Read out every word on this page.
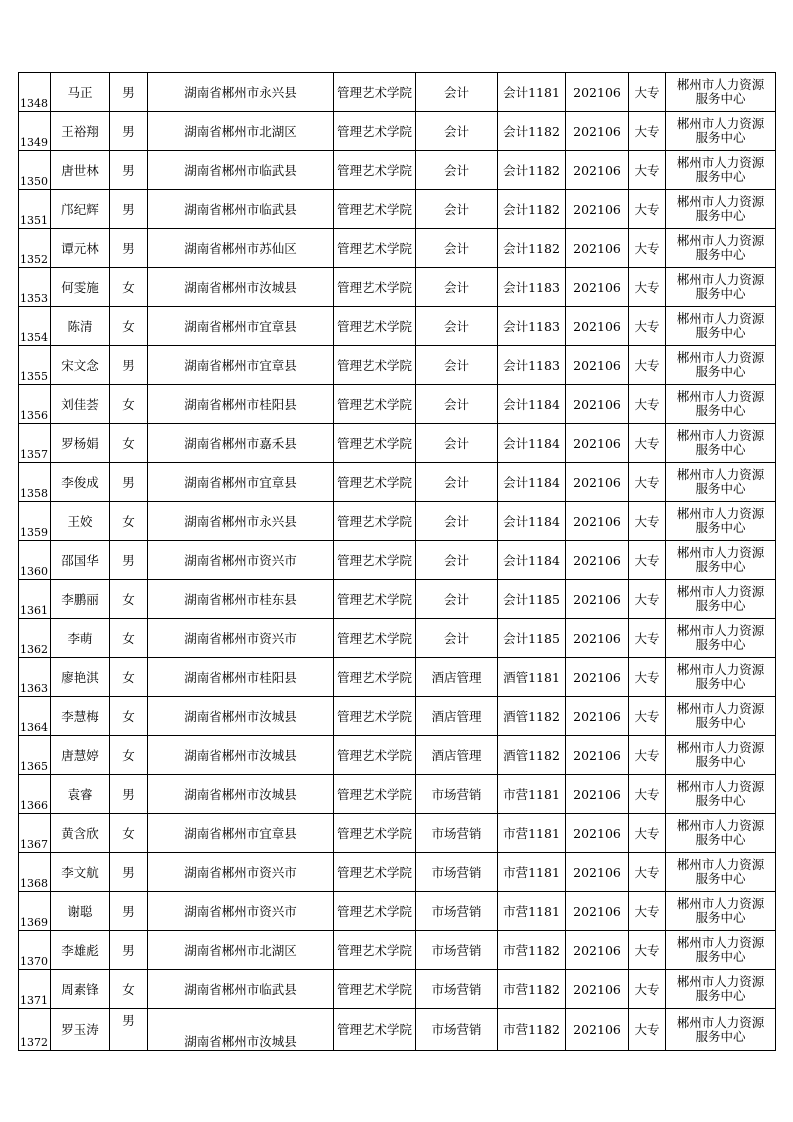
1348	马正	男	湖南省郴州市永兴县	管理艺术学院	会计	会计1181	202106	大专	郴州市人力资源
服务中心

1349	王裕翔	男	湖南省郴州市北湖区	管理艺术学院	会计	会计1182	202106	大专	郴州市人力资源
服务中心

1350	唐世林	男	湖南省郴州市临武县	管理艺术学院	会计	会计1182	202106	大专	郴州市人力资源
服务中心

1351	邝纪辉	男	湖南省郴州市临武县	管理艺术学院	会计	会计1182	202106	大专	郴州市人力资源
服务中心

1352	谭元林	男	湖南省郴州市苏仙区	管理艺术学院	会计	会计1182	202106	大专	郴州市人力资源
服务中心

1353	何雯施	女	湖南省郴州市汝城县	管理艺术学院	会计	会计1183	202106	大专	郴州市人力资源
服务中心

1354	陈清	女	湖南省郴州市宜章县	管理艺术学院	会计	会计1183	202106	大专	郴州市人力资源
服务中心

1355	宋文念	男	湖南省郴州市宜章县	管理艺术学院	会计	会计1183	202106	大专	郴州市人力资源
服务中心

1356	刘佳荟	女	湖南省郴州市桂阳县	管理艺术学院	会计	会计1184	202106	大专	郴州市人力资源
服务中心

1357	罗杨娟	女	湖南省郴州市嘉禾县	管理艺术学院	会计	会计1184	202106	大专	郴州市人力资源
服务中心

1358	李俊成	男	湖南省郴州市宜章县	管理艺术学院	会计	会计1184	202106	大专	郴州市人力资源
服务中心

1359	王姣	女	湖南省郴州市永兴县	管理艺术学院	会计	会计1184	202106	大专	郴州市人力资源
服务中心

1360	邵国华	男	湖南省郴州市资兴市	管理艺术学院	会计	会计1184	202106	大专	郴州市人力资源
服务中心

1361	李鹏丽	女	湖南省郴州市桂东县	管理艺术学院	会计	会计1185	202106	大专	郴州市人力资源
服务中心

1362	李萌	女	湖南省郴州市资兴市	管理艺术学院	会计	会计1185	202106	大专	郴州市人力资源
服务中心

1363	廖艳淇	女	湖南省郴州市桂阳县	管理艺术学院	酒店管理	酒管1181	202106	大专	郴州市人力资源
服务中心

1364	李慧梅	女	湖南省郴州市汝城县	管理艺术学院	酒店管理	酒管1182	202106	大专	郴州市人力资源
服务中心

1365	唐慧婷	女	湖南省郴州市汝城县	管理艺术学院	酒店管理	酒管1182	202106	大专	郴州市人力资源
服务中心

1366	袁睿	男	湖南省郴州市汝城县	管理艺术学院	市场营销	市营1181	202106	大专	郴州市人力资源
服务中心

1367	黄含欣	女	湖南省郴州市宜章县	管理艺术学院	市场营销	市营1181	202106	大专	郴州市人力资源
服务中心

1368	李文航	男	湖南省郴州市资兴市	管理艺术学院	市场营销	市营1181	202106	大专	郴州市人力资源
服务中心

1369	谢聪	男	湖南省郴州市资兴市	管理艺术学院	市场营销	市营1181	202106	大专	郴州市人力资源
服务中心

1370	李雄彪	男	湖南省郴州市北湖区	管理艺术学院	市场营销	市营1182	202106	大专	郴州市人力资源
服务中心

1371	周素锋	女	湖南省郴州市临武县	管理艺术学院	市场营销	市营1182	202106	大专	郴州市人力资源
服务中心

1372	罗玉涛	男	湖南省郴州市汝城县	管理艺术学院	市场营销	市营1182	202106	大专	郴州市人力资源
服务中心
